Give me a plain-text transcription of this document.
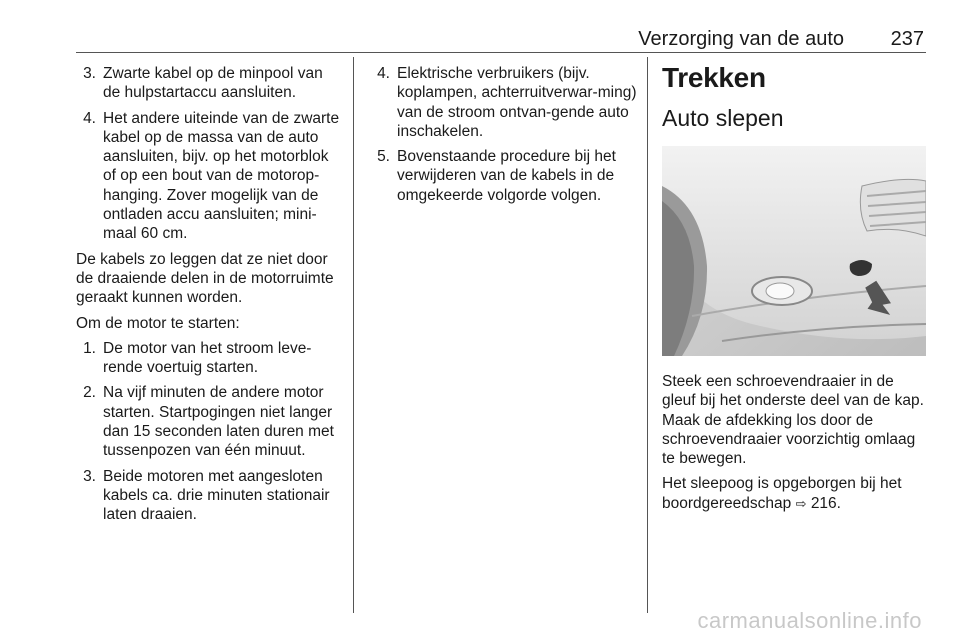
Verzorging van de auto 237
3. Zwarte kabel op de minpool van de hulpstartaccu aansluiten.
4. Het andere uiteinde van de zwarte kabel op de massa van de auto aansluiten, bijv. op het motorblok of op een bout van de motorop-hanging. Zover mogelijk van de ontladen accu aansluiten; mini-maal 60 cm.

De kabels zo leggen dat ze niet door de draaiende delen in de motorruimte geraakt kunnen worden.

Om de motor te starten:

1. De motor van het stroom leve-rende voertuig starten.
2. Na vijf minuten de andere motor starten. Startpogingen niet langer dan 15 seconden laten duren met tussenpozen van één minuut.
3. Beide motoren met aangesloten kabels ca. drie minuten stationair laten draaien.
4. Elektrische verbruikers (bijv. koplampen, achterruitverwar-ming) van de stroom ontvan-gende auto inschakelen.
5. Bovenstaande procedure bij het verwijderen van de kabels in de omgekeerde volgorde volgen.
Trekken
Auto slepen

Steek een schroevendraaier in de gleuf bij het onderste deel van de kap. Maak de afdekking los door de schroevendraaier voorzichtig omlaag te bewegen.

Het sleepoog is opgeborgen bij het boordgereedschap ⇨ 216.

carmanualsonline.info
